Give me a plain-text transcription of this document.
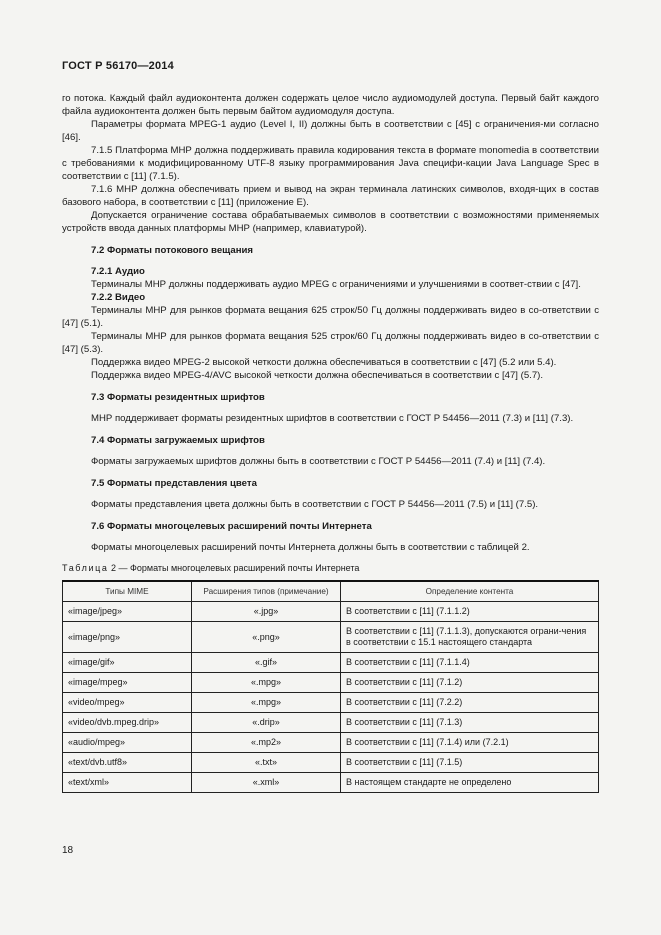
ГОСТ Р 56170—2014

го потока. Каждый файл аудиоконтента должен содержать целое число аудиомодулей доступа. Первый байт каждого файла аудиоконтента должен быть первым байтом аудиомодуля доступа.

Параметры формата MPEG-1 аудио (Level I, II) должны быть в соответствии с [45] с ограничения-ми согласно [46].

7.1.5 Платформа МНР должна поддерживать правила кодирования текста в формате monomedia в соответствии с требованиями к модифицированному UTF-8 языку программирования Java специфи-кации Java Language Spec в соответствии с [11] (7.1.5).

7.1.6 МНР должна обеспечивать прием и вывод на экран терминала латинских символов, входя-щих в состав базового набора, в соответствии с [11] (приложение Е).

Допускается ограничение состава обрабатываемых символов в соответствии с возможностями применяемых устройств ввода данных платформы МНР (например, клавиатурой).

7.2 Форматы потокового вещания

7.2.1 Аудио

Терминалы МНР должны поддерживать аудио MPEG с ограничениями и улучшениями в соответ-ствии с [47].

7.2.2 Видео

Терминалы МНР для рынков формата вещания 625 строк/50 Гц должны поддерживать видео в со-ответствии с [47] (5.1).

Терминалы МНР для рынков формата вещания 525 строк/60 Гц должны поддерживать видео в со-ответствии с [47] (5.3).

Поддержка видео MPEG-2 высокой четкости должна обеспечиваться в соответствии с [47] (5.2 или 5.4).

Поддержка видео MPEG-4/AVC высокой четкости должна обеспечиваться в соответствии с [47] (5.7).

7.3 Форматы резидентных шрифтов

МНР поддерживает форматы резидентных шрифтов в соответствии с ГОСТ Р 54456—2011 (7.3) и [11] (7.3).

7.4 Форматы загружаемых шрифтов

Форматы загружаемых шрифтов должны быть в соответствии с ГОСТ Р 54456—2011 (7.4) и [11] (7.4).

7.5 Форматы представления цвета

Форматы представления цвета должны быть в соответствии с ГОСТ Р 54456—2011 (7.5) и [11] (7.5).

7.6 Форматы многоцелевых расширений почты Интернета

Форматы многоцелевых расширений почты Интернета должны быть в соответствии с таблицей 2.

Таблица 2 — Форматы многоцелевых расширений почты Интернета

Типы MIME	Расширения типов (примечание)	Определение контента
«image/jpeg»	«.jpg»	В соответствии с [11] (7.1.1.2)
«image/png»	«.png»	В соответствии с [11] (7.1.1.3), допускаются ограни-чения в соответствии с 15.1 настоящего стандарта
«image/gif»	«.gif»	В соответствии с [11] (7.1.1.4)
«image/mpeg»	«.mpg»	В соответствии с [11] (7.1.2)
«video/mpeg»	«.mpg»	В соответствии с [11] (7.2.2)
«video/dvb.mpeg.drip»	«.drip»	В соответствии с [11] (7.1.3)
«audio/mpeg»	«.mp2»	В соответствии с [11] (7.1.4) или (7.2.1)
«text/dvb.utf8»	«.txt»	В соответствии с [11] (7.1.5)
«text/xml»	«.xml»	В настоящем стандарте не определено
18
